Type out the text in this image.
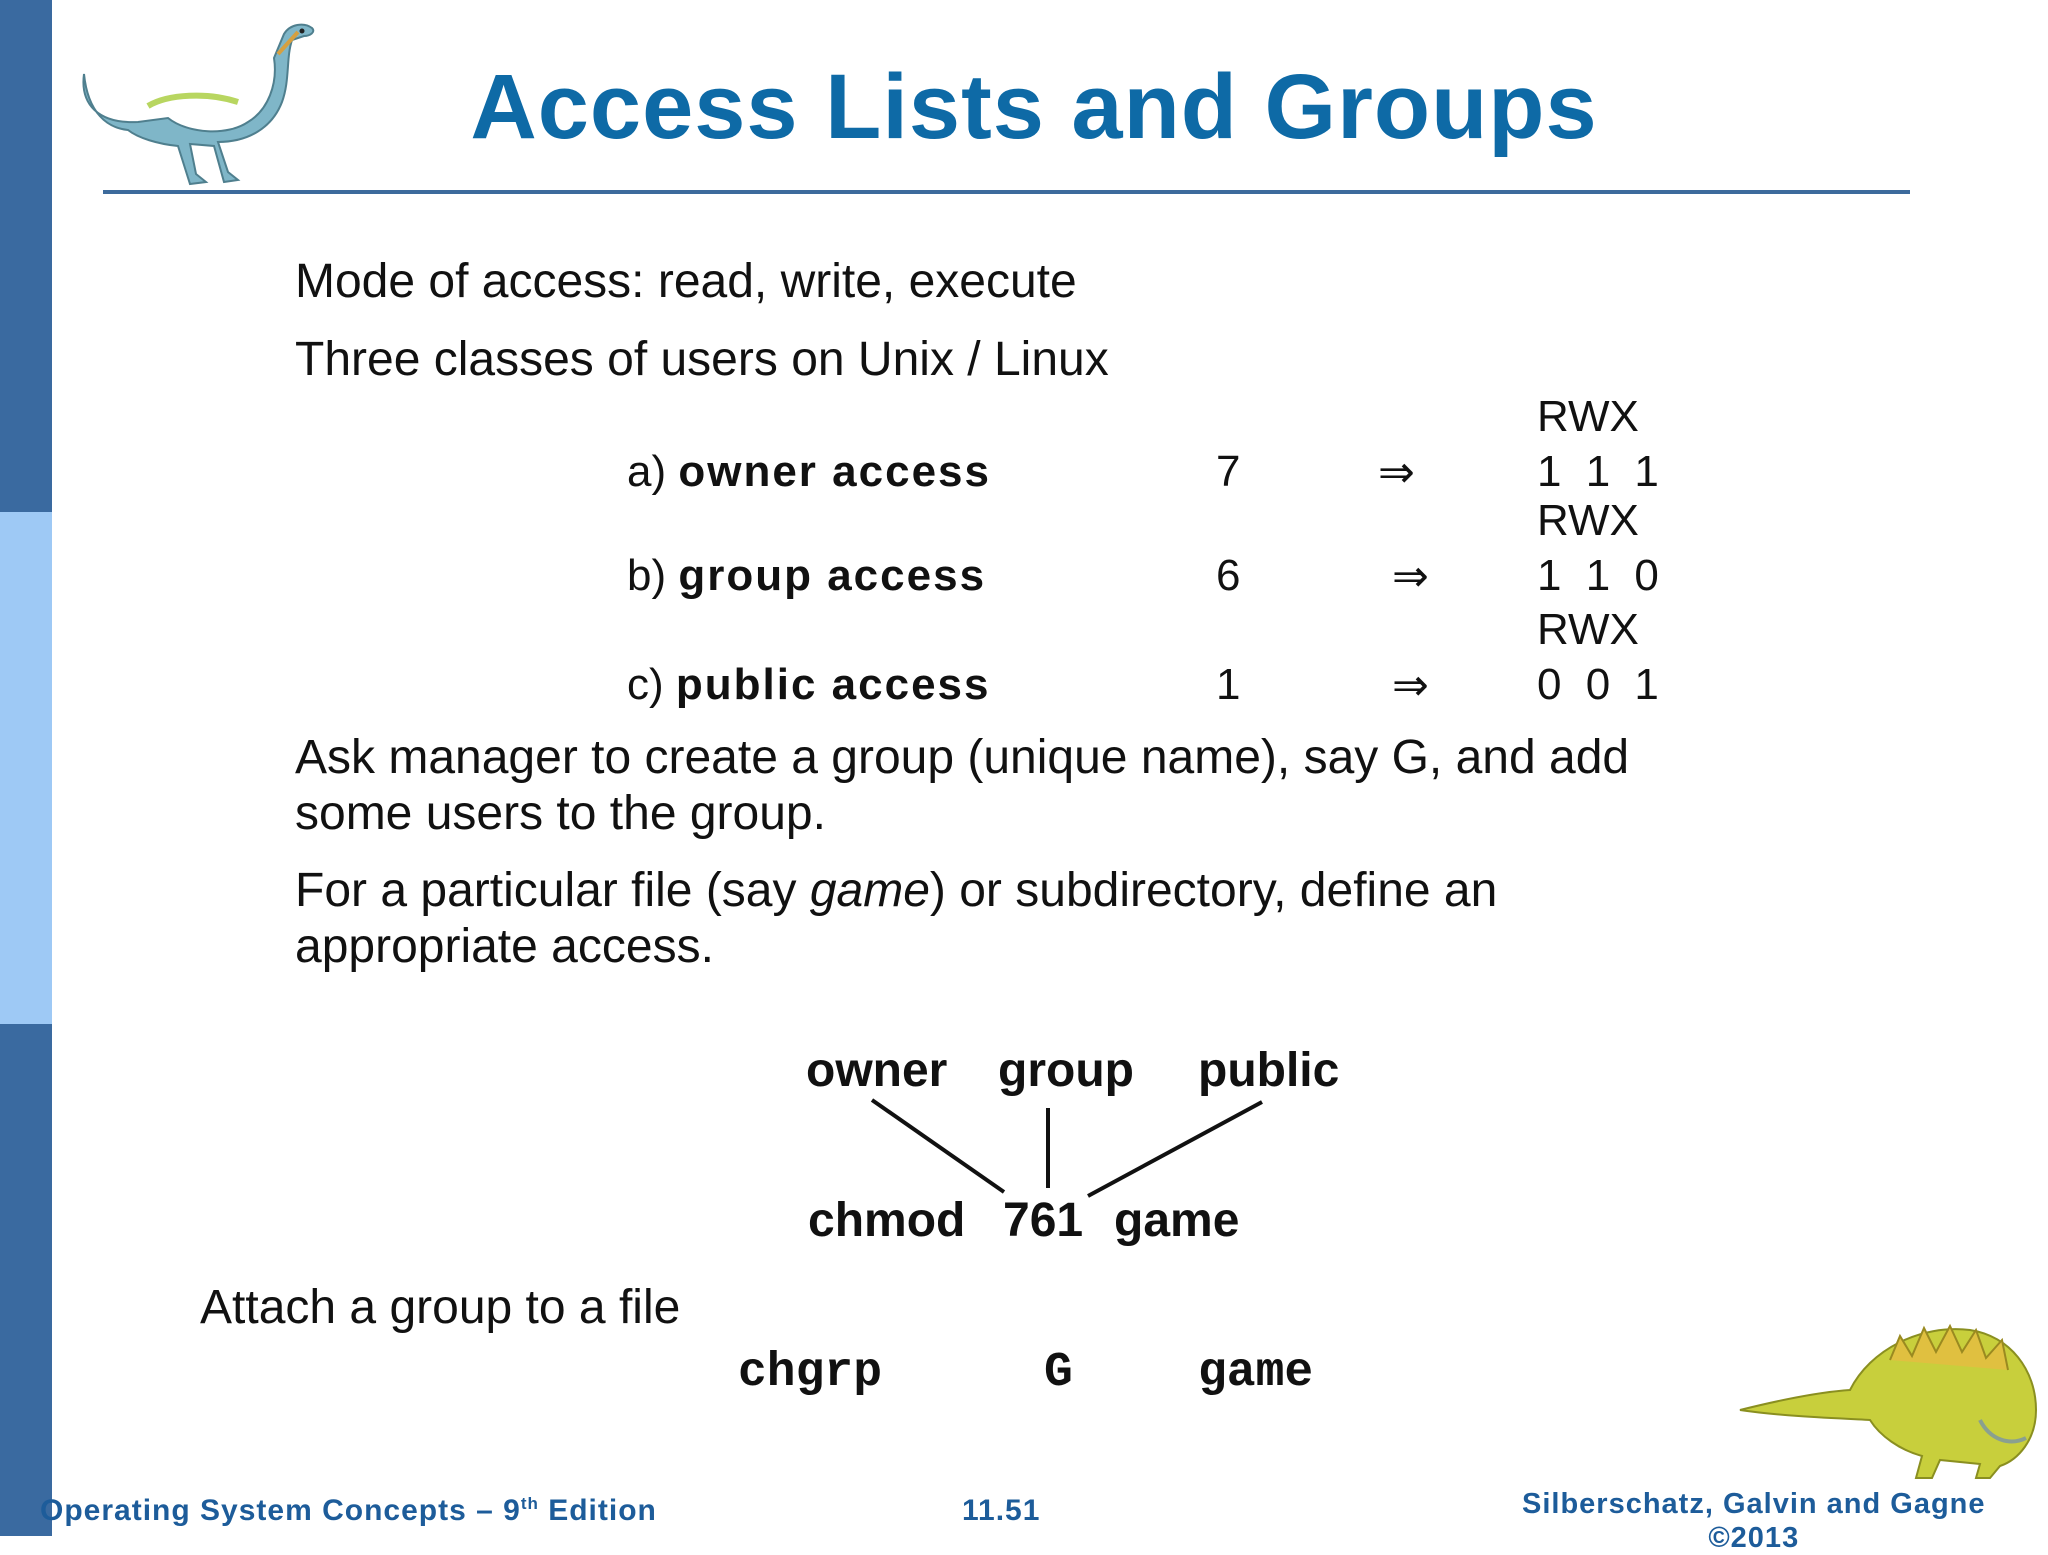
Access Lists and Groups
Mode of access: read, write, execute
Three classes of users on Unix / Linux
RWX
a) owner access	7	⇒	1 1 1
RWX
b) group access	6	⇒ 1 1 0
RWX
c) public access	1	⇒ 0 0 1
Ask manager to create a group (unique name), say G, and add some users to the group.
For a particular file (say game) or subdirectory, define an appropriate access.
owner group public
chmod 761 game
Attach a group to a file
chgrp	G	game
Operating System Concepts – 9th Edition	11.51	Silberschatz, Galvin and Gagne
©2013
